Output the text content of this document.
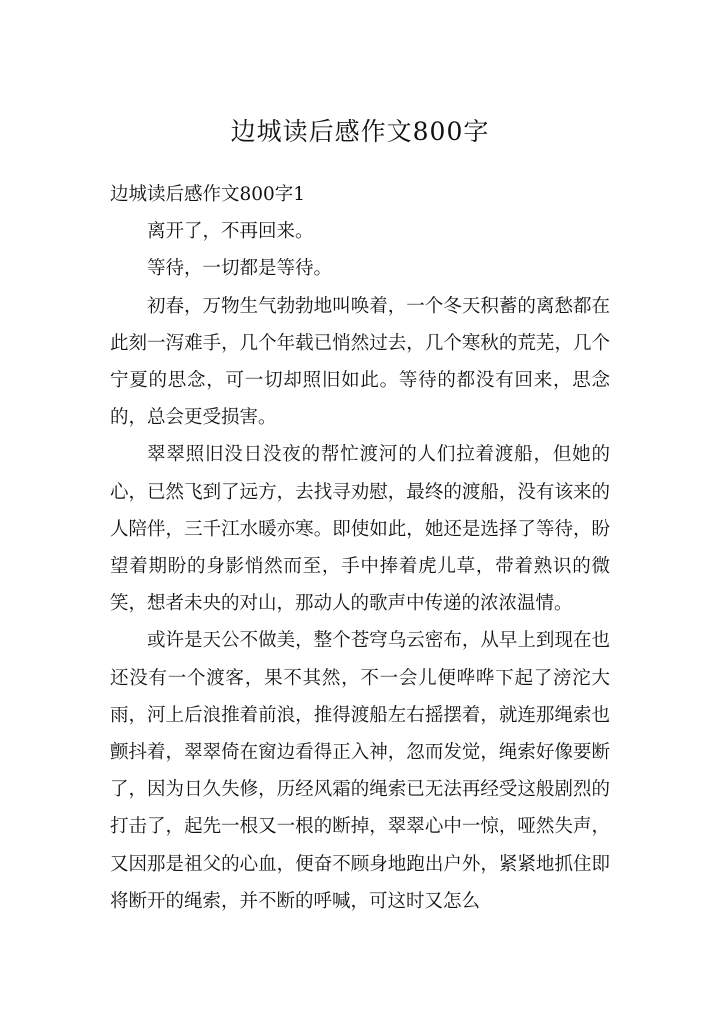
边城读后感作文800字

边城读后感作文800字1

离开了，不再回来。

等待，一切都是等待。

初春，万物生气勃勃地叫唤着，一个冬天积蓄的离愁都在此刻一泻难手，几个年载已悄然过去，几个寒秋的荒芜，几个宁夏的思念，可一切却照旧如此。等待的都没有回来，思念的，总会更受损害。

翠翠照旧没日没夜的帮忙渡河的人们拉着渡船，但她的心，已然飞到了远方，去找寻劝慰，最终的渡船，没有该来的人陪伴，三千江水暖亦寒。即使如此，她还是选择了等待，盼望着期盼的身影悄然而至，手中捧着虎儿草，带着熟识的微笑，想者未央的对山，那动人的歌声中传递的浓浓温情。

或许是天公不做美，整个苍穹乌云密布，从早上到现在也还没有一个渡客，果不其然，不一会儿便哗哗下起了滂沱大雨，河上后浪推着前浪，推得渡船左右摇摆着，就连那绳索也颤抖着，翠翠倚在窗边看得正入神，忽而发觉，绳索好像要断了，因为日久失修，历经风霜的绳索已无法再经受这般剧烈的打击了，起先一根又一根的断掉，翠翠心中一惊，哑然失声，又因那是祖父的心血，便奋不顾身地跑出户外，紧紧地抓住即将断开的绳索，并不断的呼喊，可这时又怎么
